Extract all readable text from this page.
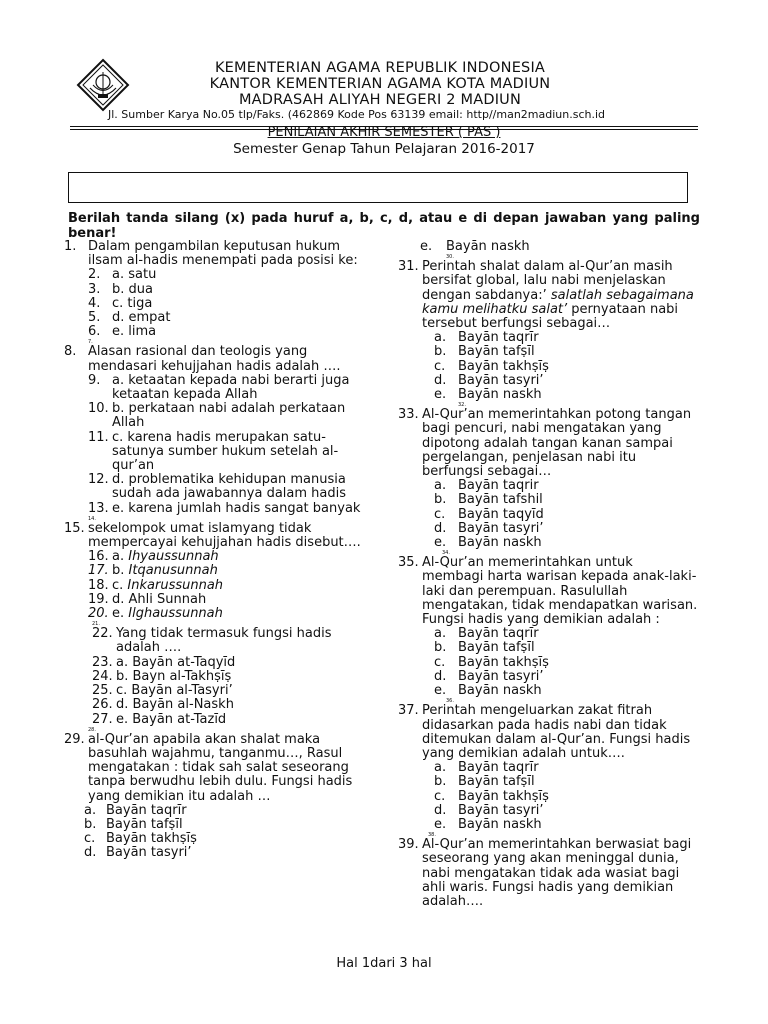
KEMENTERIAN AGAMA REPUBLIK INDONESIA
KANTOR KEMENTERIAN AGAMA KOTA MADIUN
MADRASAH ALIYAH NEGERI 2 MADIUN
Jl. Sumber Karya No.05 tlp/Faks. (462869 Kode Pos 63139 email: http//man2madiun.sch.id
PENILAIAN AKHIR SEMESTER ( PAS )
Semester Genap Tahun Pelajaran 2016-2017
Berilah tanda silang (x) pada huruf a, b, c, d, atau e di depan jawaban yang paling benar!
1. Dalam pengambilan keputusan hukum ilsam al-hadis menempati pada posisi ke:
2. a. satu
3. b. dua
4. c. tiga
5. d. empat
6. e. lima
7.
8. Alasan rasional dan teologis yang mendasari kehujjahan hadis adalah ….
9. a. ketaatan kepada nabi berarti juga ketaatan kepada Allah
10. b. perkataan nabi adalah perkataan Allah
11. c. karena hadis merupakan satu-satunya sumber hukum setelah al-qur’an
12. d. problematika kehidupan manusia sudah ada jawabannya dalam hadis
13. e. karena jumlah hadis sangat banyak
14.
15. sekelompok umat islamyang tidak mempercayai kehujjahan hadis disebut….
16. a. Ihyaussunnah
17. b. Itqanusunnah
18. c. Inkarussunnah
19. d. Ahli Sunnah
20. e. Ilghaussunnah
21.
22. Yang tidak termasuk fungsi hadis adalah ….
23. a. Bayān at-Taqyīd
24. b. Bayn al-Takhṣīṣ
25. c. Bayān al-Tasyri’
26. d. Bayān al-Naskh
27. e. Bayān at-Tazīd
28.
29. al-Qur’an apabila akan shalat maka basuhlah wajahmu, tanganmu…, Rasul mengatakan : tidak sah salat seseorang tanpa berwudhu lebih dulu. Fungsi hadis yang demikian itu adalah …
a. Bayān taqrīr
b. Bayān tafṣīl
c. Bayān takhṣīṣ
d. Bayān tasyri’
e. Bayān naskh
30.
31. Perintah shalat dalam al-Qur’an masih bersifat global, lalu nabi menjelaskan dengan sabdanya:’ salatlah sebagaimana kamu melihatku salat’ pernyataan nabi tersebut berfungsi sebagai…
a. Bayān taqrīr
b. Bayān tafṣīl
c. Bayān takhṣīṣ
d. Bayān tasyri’
e. Bayān naskh
32.
33. Al-Qur’an memerintahkan potong tangan bagi pencuri, nabi mengatakan yang dipotong adalah tangan kanan sampai pergelangan, penjelasan nabi itu berfungsi sebagai…
a. Bayān taqrir
b. Bayān tafshil
c. Bayān taqyīd
d. Bayān tasyri’
e. Bayān naskh
34.
35. Al-Qur’an memerintahkan untuk membagi harta warisan kepada anak-laki-laki dan perempuan. Rasulullah mengatakan, tidak mendapatkan warisan. Fungsi hadis yang demikian adalah :
a. Bayān taqrīr
b. Bayān tafṣīl
c. Bayān takhṣīṣ
d. Bayān tasyri’
e. Bayān naskh
36.
37. Perintah mengeluarkan zakat fitrah didasarkan pada hadis nabi dan tidak ditemukan dalam al-Qur’an. Fungsi hadis yang demikian adalah untuk….
a. Bayān taqrīr
b. Bayān tafṣīl
c. Bayān takhṣīṣ
d. Bayān tasyri’
e. Bayān naskh
38.
39. Al-Qur’an memerintahkan berwasiat bagi seseorang yang akan meninggal dunia, nabi mengatakan tidak ada wasiat bagi ahli waris. Fungsi hadis yang demikian adalah….
Hal 1dari 3 hal
